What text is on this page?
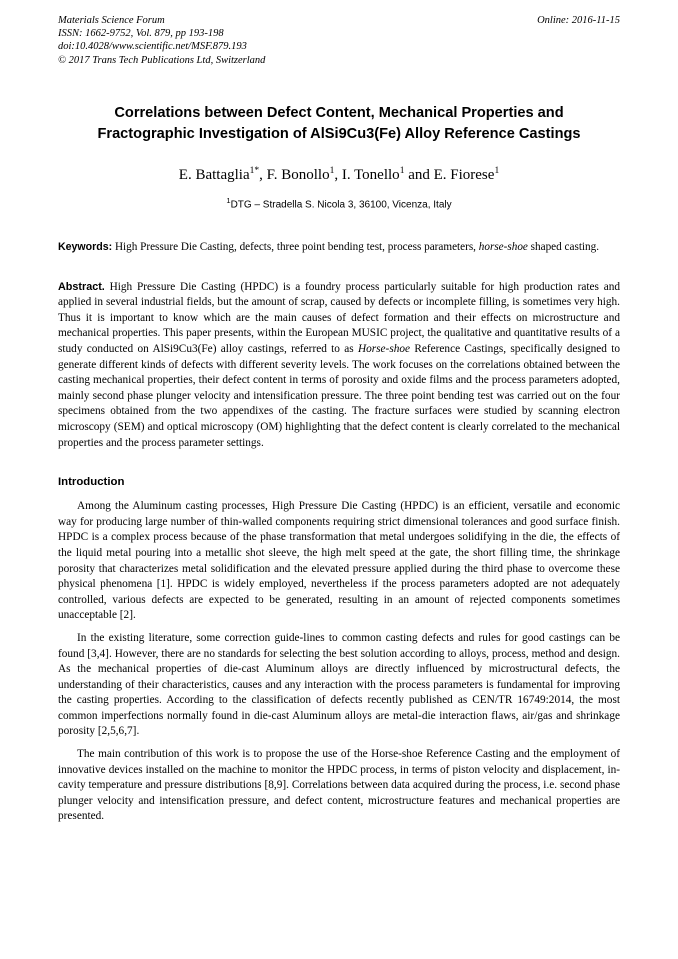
Materials Science Forum
ISSN: 1662-9752, Vol. 879, pp 193-198
doi:10.4028/www.scientific.net/MSF.879.193
© 2017 Trans Tech Publications Ltd, Switzerland
Online: 2016-11-15
Correlations between Defect Content, Mechanical Properties and
Fractographic Investigation of AlSi9Cu3(Fe) Alloy Reference Castings
E. Battaglia$^{1*}$, F. Bonollo$^1$, I. Tonello$^1$ and E. Fiorese$^1$
$^1$DTG – Stradella S. Nicola 3, 36100, Vicenza, Italy
Keywords: High Pressure Die Casting, defects, three point bending test, process parameters, horse-shoe shaped casting.
Abstract. High Pressure Die Casting (HPDC) is a foundry process particularly suitable for high production rates and applied in several industrial fields, but the amount of scrap, caused by defects or incomplete filling, is sometimes very high. Thus it is important to know which are the main causes of defect formation and their effects on microstructure and mechanical properties. This paper presents, within the European MUSIC project, the qualitative and quantitative results of a study conducted on AlSi9Cu3(Fe) alloy castings, referred to as Horse-shoe Reference Castings, specifically designed to generate different kinds of defects with different severity levels. The work focuses on the correlations obtained between the casting mechanical properties, their defect content in terms of porosity and oxide films and the process parameters adopted, mainly second phase plunger velocity and intensification pressure. The three point bending test was carried out on the four specimens obtained from the two appendixes of the casting. The fracture surfaces were studied by scanning electron microscopy (SEM) and optical microscopy (OM) highlighting that the defect content is clearly correlated to the mechanical properties and the process parameter settings.
Introduction
Among the Aluminum casting processes, High Pressure Die Casting (HPDC) is an efficient, versatile and economic way for producing large number of thin-walled components requiring strict dimensional tolerances and good surface finish. HPDC is a complex process because of the phase transformation that metal undergoes solidifying in the die, the effects of the liquid metal pouring into a metallic shot sleeve, the high melt speed at the gate, the short filling time, the shrinkage porosity that characterizes metal solidification and the elevated pressure applied during the third phase to overcome these physical phenomena [1]. HPDC is widely employed, nevertheless if the process parameters adopted are not adequately controlled, various defects are expected to be generated, resulting in an amount of rejected components sometimes unacceptable [2].
In the existing literature, some correction guide-lines to common casting defects and rules for good castings can be found [3,4]. However, there are no standards for selecting the best solution according to alloys, process, method and design. As the mechanical properties of die-cast Aluminum alloys are directly influenced by microstructural defects, the understanding of their characteristics, causes and any interaction with the process parameters is fundamental for improving the casting properties. According to the classification of defects recently published as CEN/TR 16749:2014, the most common imperfections normally found in die-cast Aluminum alloys are metal-die interaction flaws, air/gas and shrinkage porosity [2,5,6,7].
The main contribution of this work is to propose the use of the Horse-shoe Reference Casting and the employment of innovative devices installed on the machine to monitor the HPDC process, in terms of piston velocity and displacement, in-cavity temperature and pressure distributions [8,9]. Correlations between data acquired during the process, i.e. second phase plunger velocity and intensification pressure, and defect content, microstructure features and mechanical properties are presented.
